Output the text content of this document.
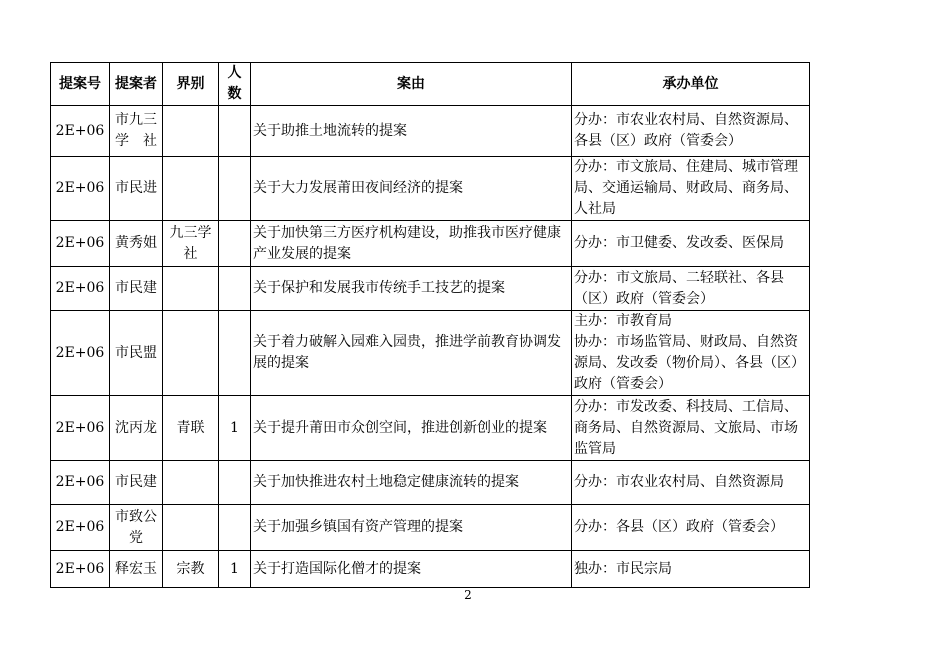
提案号	提案者	界别	人数	案由	承办单位
2E+06	市九三学　社			关于助推土地流转的提案	分办：市农业农村局、自然资源局、各县（区）政府（管委会）
2E+06	市民进			关于大力发展莆田夜间经济的提案	分办：市文旅局、住建局、城市管理局、交通运输局、财政局、商务局、人社局
2E+06	黄秀姐	九三学社		关于加快第三方医疗机构建设，助推我市医疗健康产业发展的提案	分办：市卫健委、发改委、医保局
2E+06	市民建			关于保护和发展我市传统手工技艺的提案	分办：市文旅局、二轻联社、各县（区）政府（管委会）
2E+06	市民盟			关于着力破解入园难入园贵，推进学前教育协调发展的提案	主办：市教育局
协办：市场监管局、财政局、自然资源局、发改委（物价局）、各县（区）政府（管委会）

2E+06	沈丙龙	青联	1	关于提升莆田市众创空间，推进创新创业的提案	分办：市发改委、科技局、工信局、商务局、自然资源局、文旅局、市场监管局
2E+06	市民建			关于加快推进农村土地稳定健康流转的提案	分办：市农业农村局、自然资源局
2E+06	市致公党			关于加强乡镇国有资产管理的提案	分办：各县（区）政府（管委会）
2E+06	释宏玉	宗教	1	关于打造国际化僧才的提案	独办：市民宗局
2
